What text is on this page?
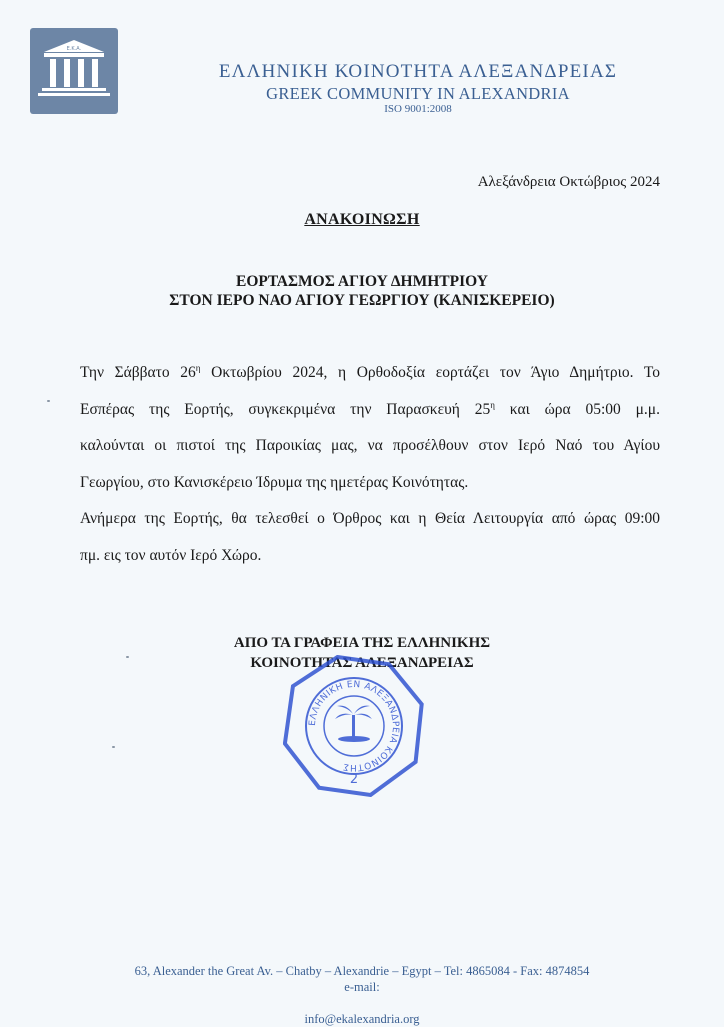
Ε.Κ.Α.
ΕΛΛΗΝΙΚΗ ΚΟΙΝΟΤΗΤΑ ΑΛΕΞΑΝΔΡΕΙΑΣ
GREEK COMMUNITY IN ALEXANDRIA
ISO 9001:2008
Αλεξάνδρεια Οκτώβριος 2024
ΑΝΑΚΟΙΝΩΣΗ
ΕΟΡΤΑΣΜΟΣ ΑΓΙΟΥ ΔΗΜΗΤΡΙΟΥ
ΣΤΟΝ ΙΕΡΟ ΝΑΟ ΑΓΙΟΥ ΓΕΩΡΓΙΟΥ (ΚΑΝΙΣΚΕΡΕΙΟ)

Την Σάββατο $26^\eta$ Οκτωβρίου 2024, η Ορθοδοξία εορτάζει τον Άγιο Δημήτριο. Το
Εσπέρας της Εορτής, συγκεκριμένα την Παρασκευή $25^\eta$ και ώρα 05:00 μ.μ.
καλούνται οι πιστοί της Παροικίας μας, να προσέλθουν στον Ιερό Ναό του Αγίου
Γεωργίου, στο Κανισκέρειο Ίδρυμα της ημετέρας Κοινότητας.

Ανήμερα της Εορτής, θα τελεσθεί ο Όρθρος και η Θεία Λειτουργία από ώρας 09:00
πμ. εις τον αυτόν Ιερό Χώρο.

ΑΠΟ ΤΑ ΓΡΑΦΕΙΑ ΤΗΣ ΕΛΛΗΝΙΚΗΣ
ΚΟΙΝΟΤΗΤΑΣ ΑΛΕΞΑΝΔΡΕΙΑΣ
ΕΛΛΗΝΙΚΗ ΕΝ ΑΛΕΞΑΝΔΡΕΙΑ ΚΟΙΝΟΤΗΣ
2
63, Alexander the Great Av. – Chatby – Alexandrie – Egypt – Tel: 4865084 - Fax: 4874854
e-mail:

info@ekalexandria.org
